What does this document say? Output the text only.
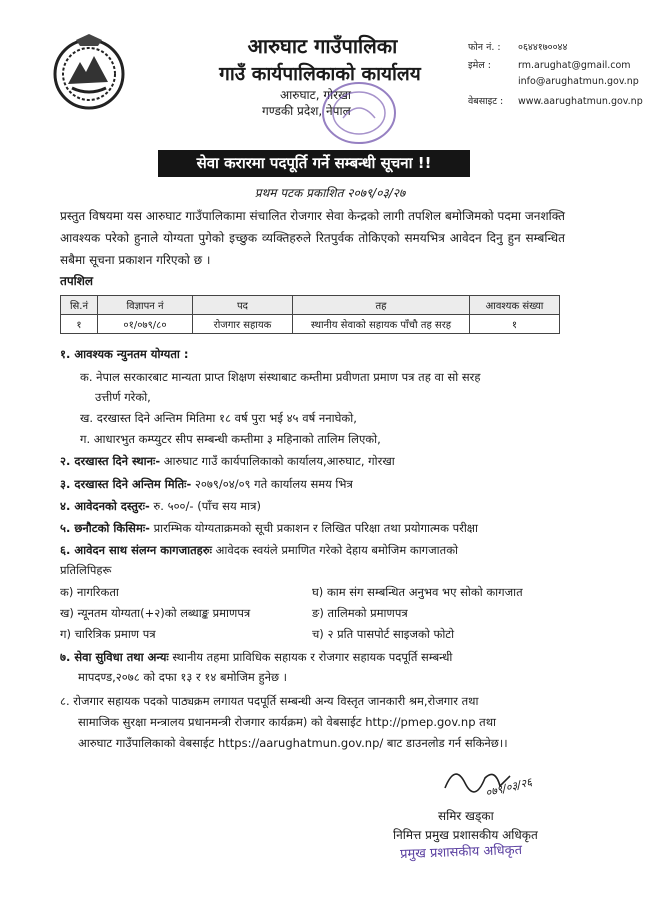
आरुघाट गाउँपालिका
गाउँ कार्यपालिकाको कार्यालय
आरुघाट, गोरखा
गण्डकी प्रदेश, नेपाल
फोन नं. : ०६४४१७००४४
इमेल :	rm.arughat@gmail.com
info@arughatmun.gov.np
वेबसाइट : www.aarughatmun.gov.np
सेवा करारमा पदपूर्ति गर्ने सम्बन्धी सूचना !!
प्रथम पटक प्रकाशित २०७९/०३/२७
प्रस्तुत विषयमा यस आरुघाट गाउँपालिकामा संचालित रोजगार सेवा केन्द्रको लागी तपशिल बमोजिमको पदमा जनशक्ति आवश्यक परेको हुनाले योग्यता पुगेको इच्छुक व्यक्तिहरुले रितपुर्वक तोकिएको समयभित्र आवेदन दिनु हुन सम्बन्धित सबैमा सूचना प्रकाशन गरिएको छ ।
तपशिल
सि.नं	विज्ञापन नं	पद	तह	आवश्यक संख्या
१	०१/०७९/८०	रोजगार सहायक	स्थानीय सेवाको सहायक पाँचौ तह सरह	१
१. आवश्यक न्युनतम योग्यता :
क. नेपाल सरकारबाट मान्यता प्राप्त शिक्षण संस्थाबाट कम्तीमा प्रवीणता प्रमाण पत्र तह वा सो सरह
उत्तीर्ण गरेको,
ख. दरखास्त दिने अन्तिम मितिमा १८ वर्ष पुरा भई ४५ वर्ष ननाघेको,
ग. आधारभुत कम्प्युटर सीप सम्बन्धी कम्तीमा ३ महिनाको तालिम लिएको,
२. दरखास्त दिने स्थानः- आरुघाट गाउँ कार्यपालिकाको कार्यालय,आरुघाट, गोरखा
३. दरखास्त दिने अन्तिम मितिः- २०७९/०४/०९ गते कार्यालय समय भित्र
४. आवेदनको दस्तुरः- रु. ५००/- (पाँच सय मात्र)
५. छनौटको किसिमः- प्रारम्भिक योग्यताक्रमको सूची प्रकाशन र लिखित परिक्षा तथा प्रयोगात्मक परीक्षा
६. आवेदन साथ संलग्न कागजातहरुः आवेदक स्वयंले प्रमाणित गरेको देहाय बमोजिम कागजातको
प्रतिलिपिहरू
क) नागरिकता
ख) न्यूनतम योग्यता(+२)को लब्धाङ्क प्रमाणपत्र
ग) चारित्रिक प्रमाण पत्र
घ) काम संग सम्बन्धित अनुभव भए सोको कागजात
ङ) तालिमको प्रमाणपत्र
च) २ प्रति पासपोर्ट साइजको फोटो
७. सेवा सुविधा तथा अन्यः स्थानीय तहमा प्राविधिक सहायक र रोजगार सहायक पदपूर्ति सम्बन्धी
मापदण्ड,२०७८ को दफा १३ र १४ बमोजिम हुनेछ ।
८. रोजगार सहायक पदको पाठ्यक्रम लगायत पदपूर्ति सम्बन्धी अन्य विस्तृत जानकारी श्रम,रोजगार तथा
सामाजिक सुरक्षा मन्त्रालय प्रधानमन्त्री रोजगार कार्यक्रम) को वेबसाईट http://pmep.gov.np तथा
आरुघाट गाउँपालिकाको वेबसाईट https://aarughatmun.gov.np/ बाट डाउनलोड गर्न सकिनेछ।।
०७९/०३/२६
समिर खड्का
निमित्त प्रमुख प्रशासकीय अधिकृत
प्रमुख प्रशासकीय अधिकृत
